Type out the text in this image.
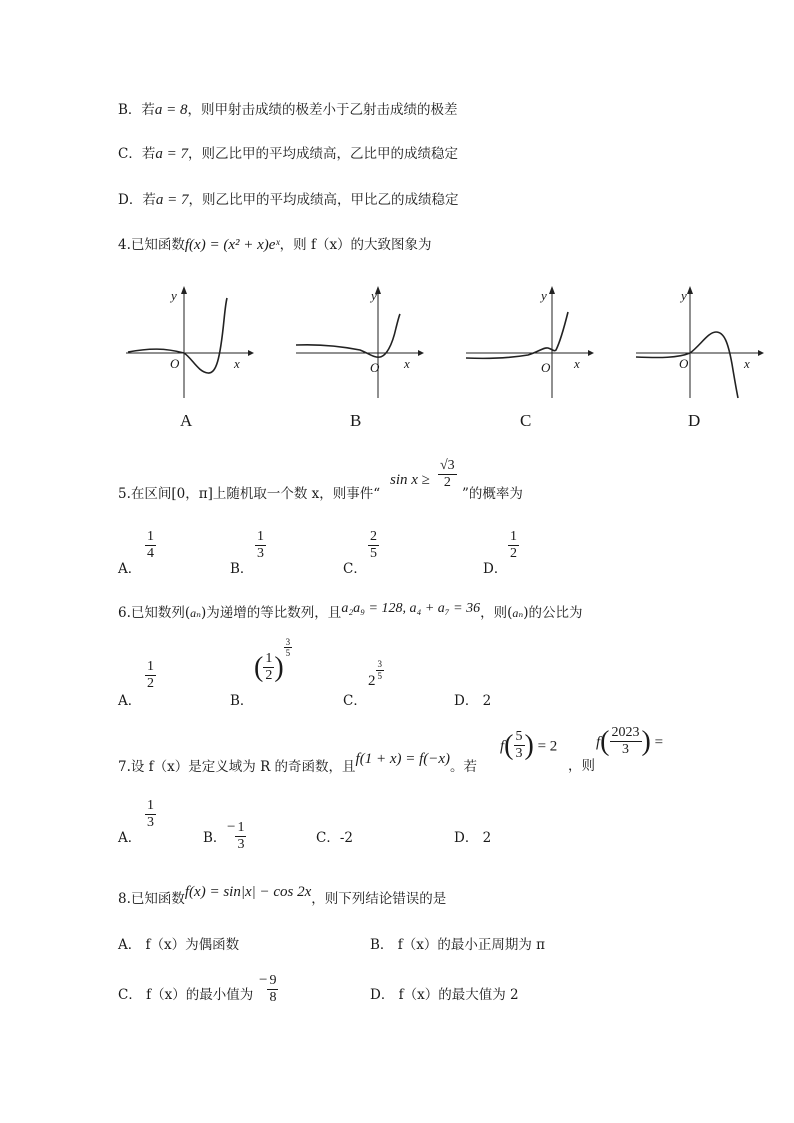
B．若a = 8，则甲射击成绩的极差小于乙射击成绩的极差
C．若a = 7，则乙比甲的平均成绩高，乙比甲的成绩稳定
D．若a = 7，则乙比甲的平均成绩高，甲比乙的成绩稳定
4.已知函数f(x) = (x² + x)eˣ，则 f（x）的大致图象为
y
x
O
A
y
x
O
B
y
x
O
C
y
x
O
D
5.在区间[0，π]上随机取一个数 x，则事件“
sin x ≥
√3
2
”的概率为
A．
1
4
B．
1
3
C．
2
5
D．
1
2
6.已知数列(aₙ)为递增的等比数列，且a₂a₉ = 128, a₄ + a₇ = 36，则(aₙ)的公比为
A．
1
2
B．
( $\frac{1}{2}$ )
$\frac{3}{5}$
C．
2
$\frac{3}{5}$
D． 2
7.设 f（x）是定义域为 R 的奇函数，且f(1 + x) = f(−x)。若
$f( \frac{5}{3}$ ) = 2
，则
$f( \frac{2023}{3}$ ) =
A．
1
3
B．
− $\frac{1}{3}$	C．-2	D． 2
8.已知函数f(x) = sin|x| − cos 2x，则下列结论错误的是
A． f（x）为偶函数	B． f（x）的最小正周期为 π
C． f（x）的最小值为
− $\frac{9}{8}$	D． f（x）的最大值为 2
